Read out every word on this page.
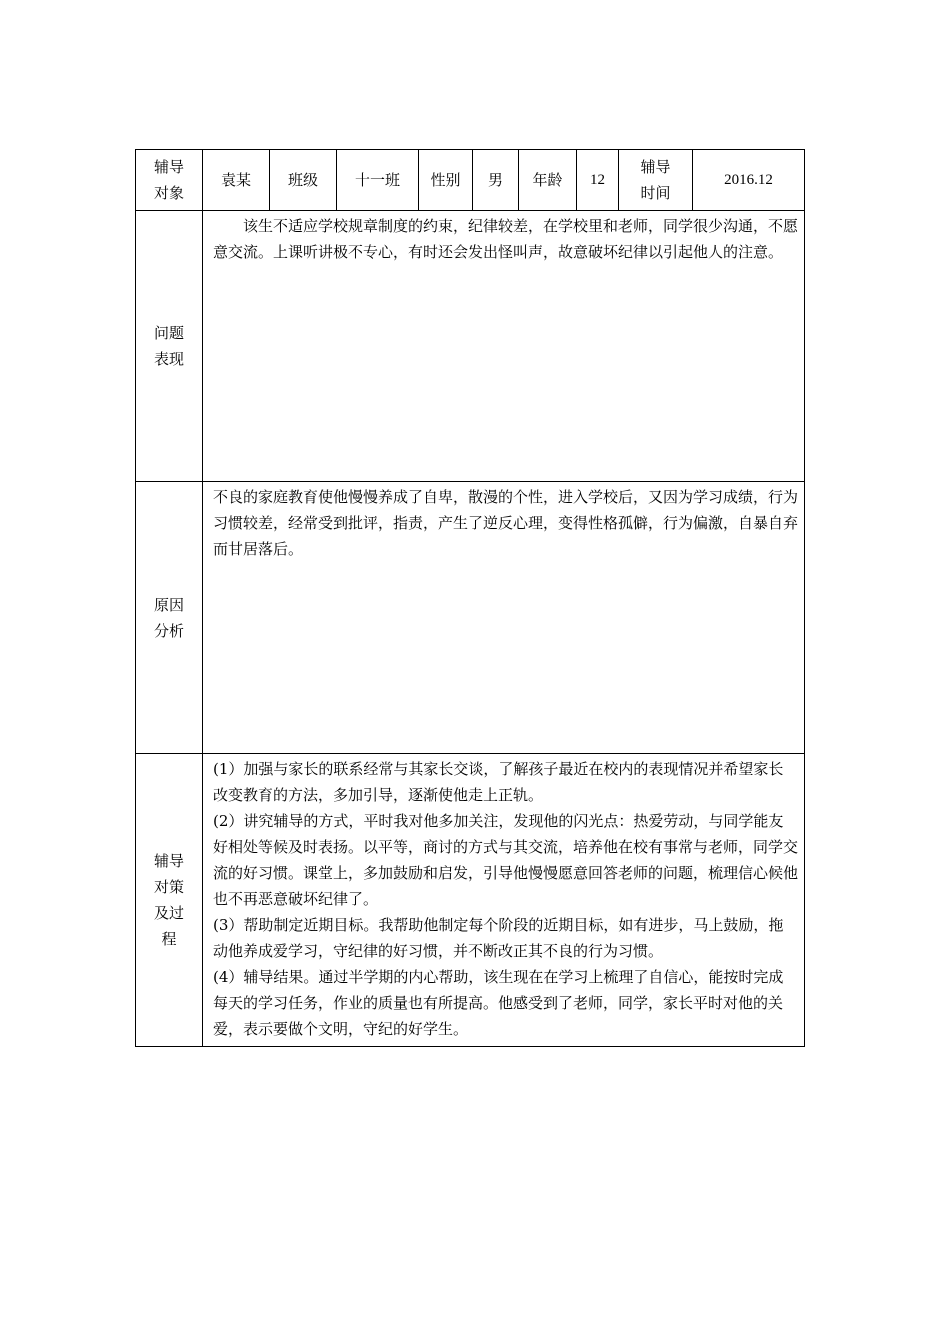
辅导对象	袁某	班级	十一班	性别	男	年龄	12	辅导时间	2016.12

问题表现	该生不适应学校规章制度的约束，纪律较差，在学校里和老师，同学很少沟通，不愿意交流。上课听讲极不专心，有时还会发出怪叫声，故意破坏纪律以引起他人的注意。								

原因分析	不良的家庭教育使他慢慢养成了自卑，散漫的个性，进入学校后，又因为学习成绩，行为习惯较差，经常受到批评，指责，产生了逆反心理，变得性格孤僻，行为偏激，自暴自弃而甘居落后。								

辅导对策及过程	(1）加强与家长的联系经常与其家长交谈，了解孩子最近在校内的表现情况并希望家长改变教育的方法，多加引导，逐渐使他走上正轨。

(2）讲究辅导的方式，平时我对他多加关注，发现他的闪光点：热爱劳动，与同学能友好相处等候及时表扬。以平等，商讨的方式与其交流，培养他在校有事常与老师，同学交流的好习惯。课堂上，多加鼓励和启发，引导他慢慢愿意回答老师的问题，梳理信心候他也不再恶意破坏纪律了。

(3）帮助制定近期目标。我帮助他制定每个阶段的近期目标，如有进步，马上鼓励，拖动他养成爱学习，守纪律的好习惯，并不断改正其不良的行为习惯。

(4）辅导结果。通过半学期的内心帮助，该生现在在学习上梳理了自信心，能按时完成每天的学习任务，作业的质量也有所提高。他感受到了老师，同学，家长平时对他的关爱，表示要做个文明，守纪的好学生。								
